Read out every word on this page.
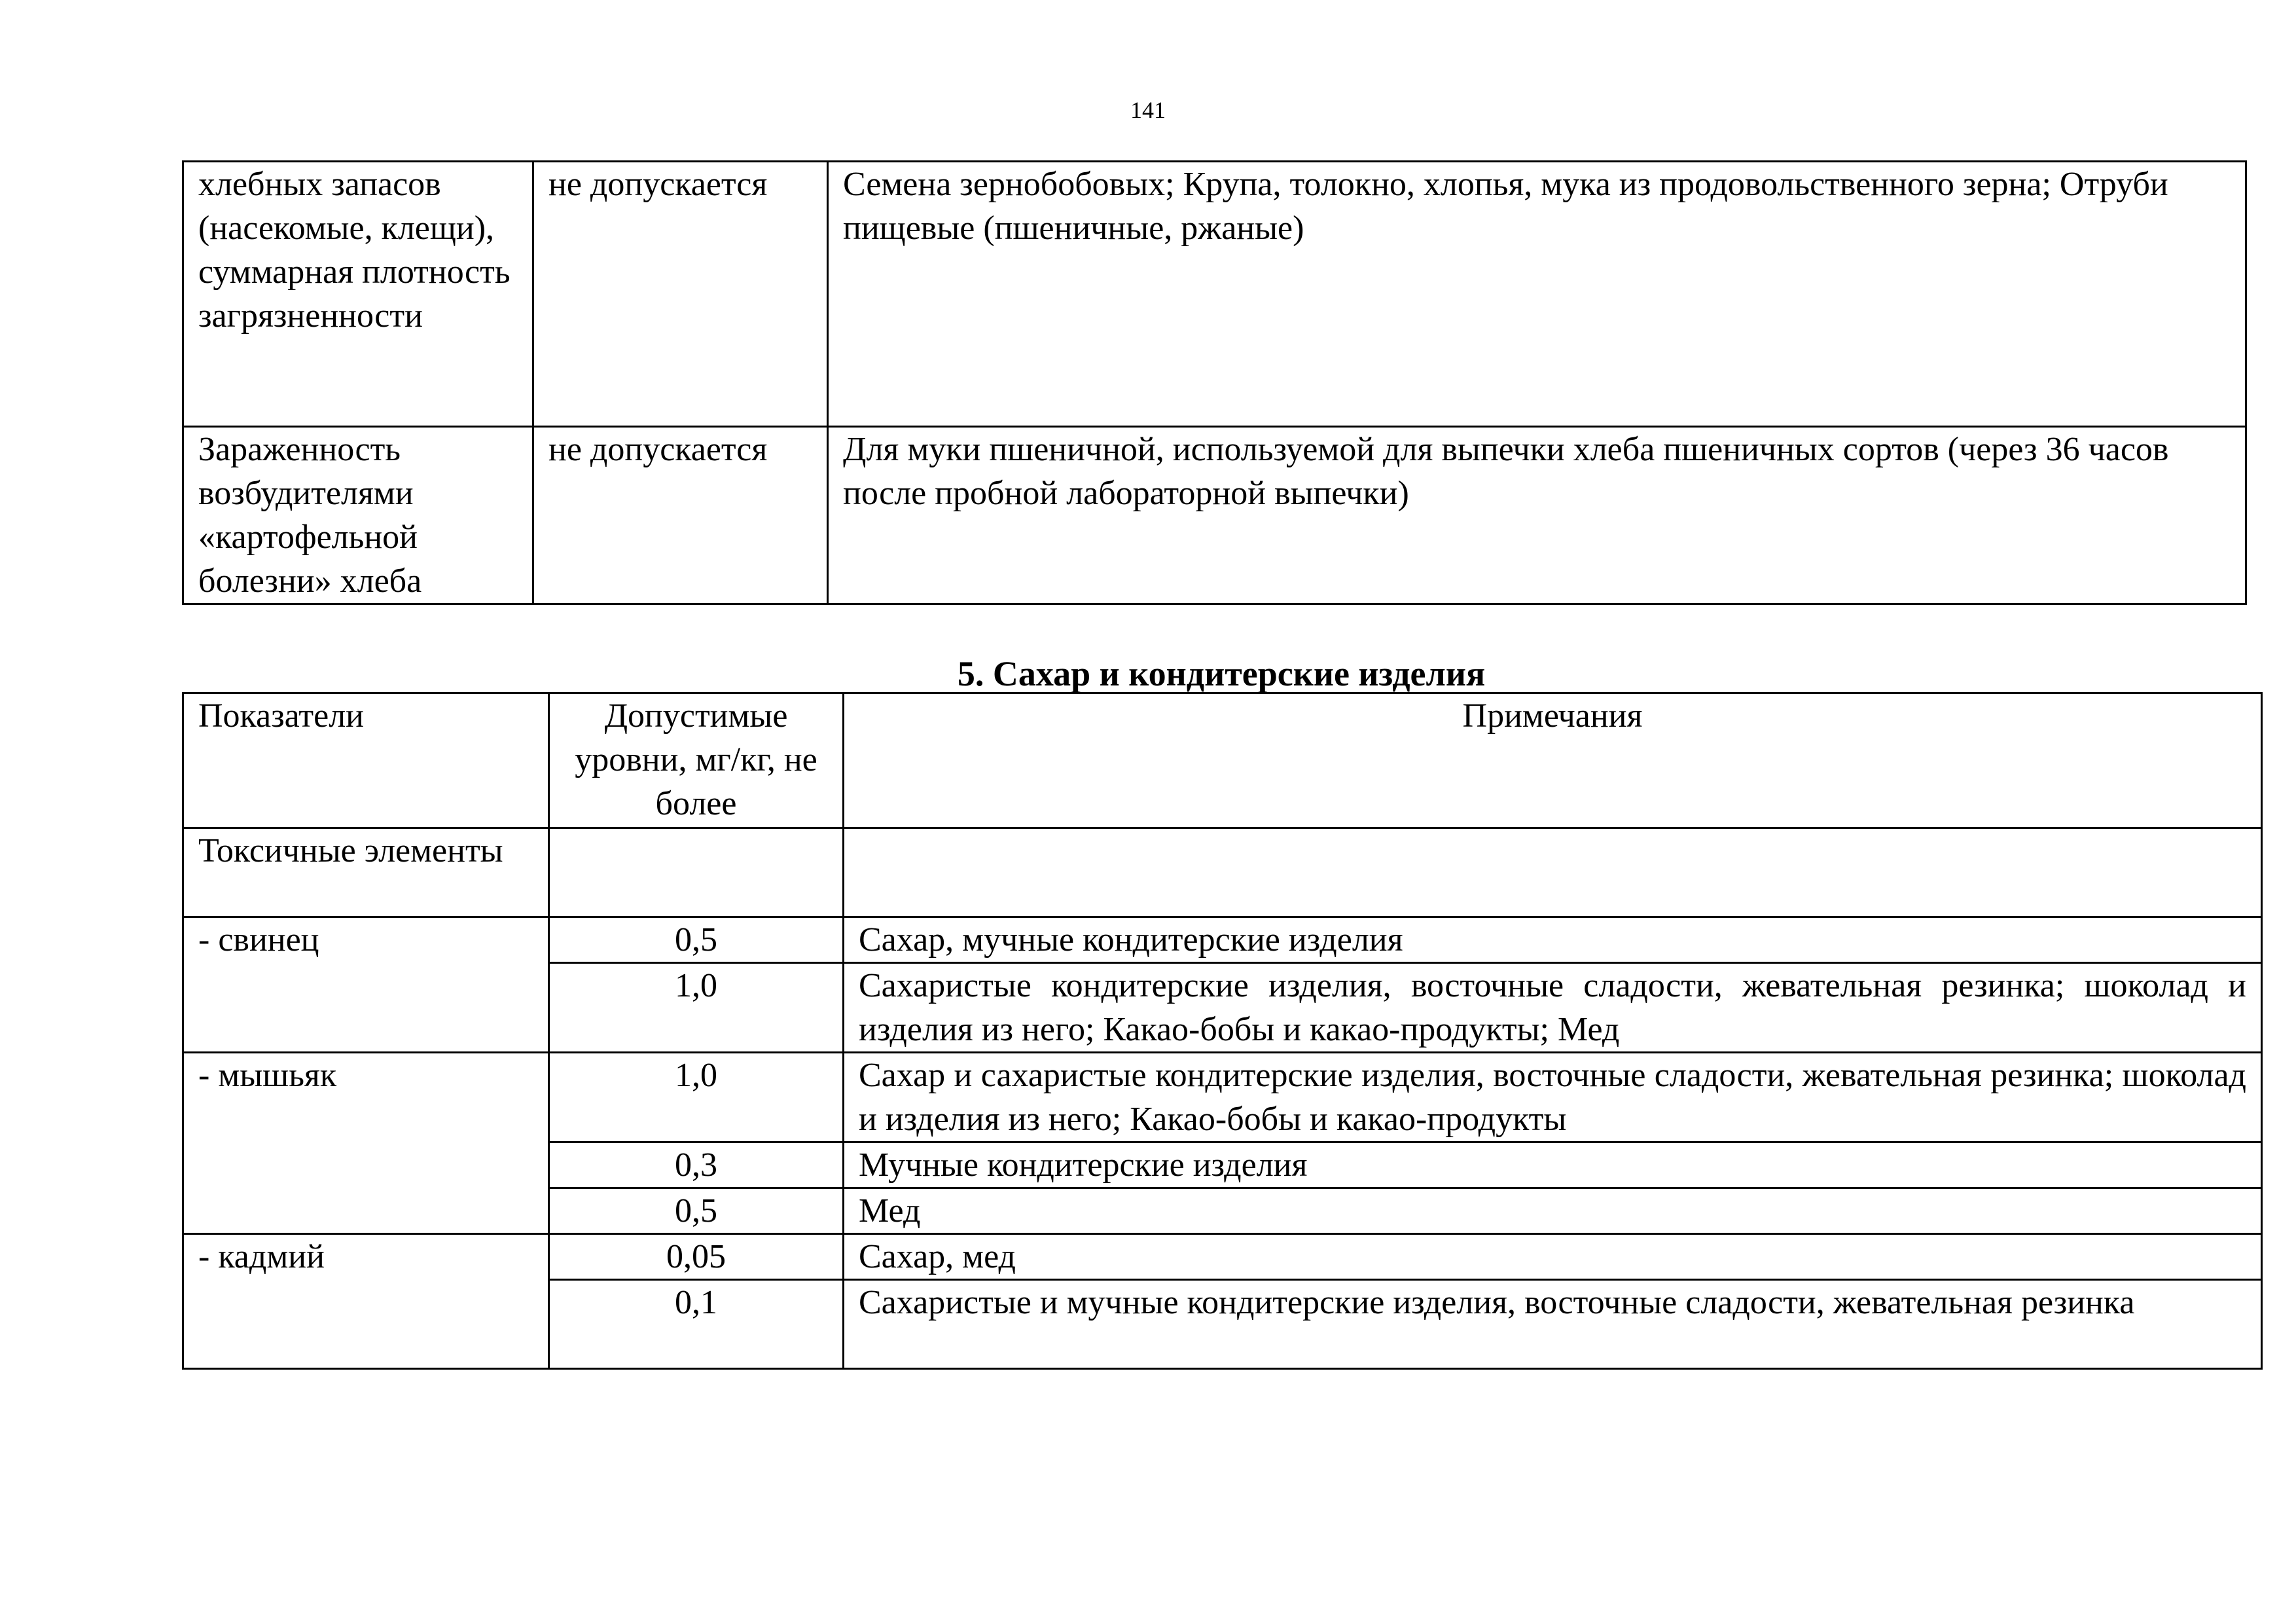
141
хлебных запасов (насекомые, клещи), суммарная плотность загрязненности	не допускается	Семена зернобобовых; Крупа, толокно, хлопья, мука из продовольственного зерна; Отруби пищевые (пшеничные, ржаные)
Зараженность возбудителями «картофельной болезни» хлеба	не допускается	Для муки пшеничной, используемой для выпечки хлеба пшеничных сортов (через 36 часов после пробной лабораторной выпечки)
5. Сахар и кондитерские изделия
Показатели	Допустимые уровни, мг/кг, не более	Примечания
Токсичные элементы		
- свинец	0,5	Сахар, мучные кондитерские изделия
	1,0	Сахаристые кондитерские изделия, восточные сладости, жевательная резинка; шоколад и изделия из него; Какао-бобы и какао-продукты; Мед
- мышьяк	1,0	Сахар и сахаристые кондитерские изделия, восточные сладости, жевательная резинка; шоколад и изделия из него; Какао-бобы и какао-продукты
	0,3	Мучные кондитерские изделия
	0,5	Мед
- кадмий	0,05	Сахар, мед
	0,1	Сахаристые и мучные кондитерские изделия, восточные сладости, жевательная резинка
